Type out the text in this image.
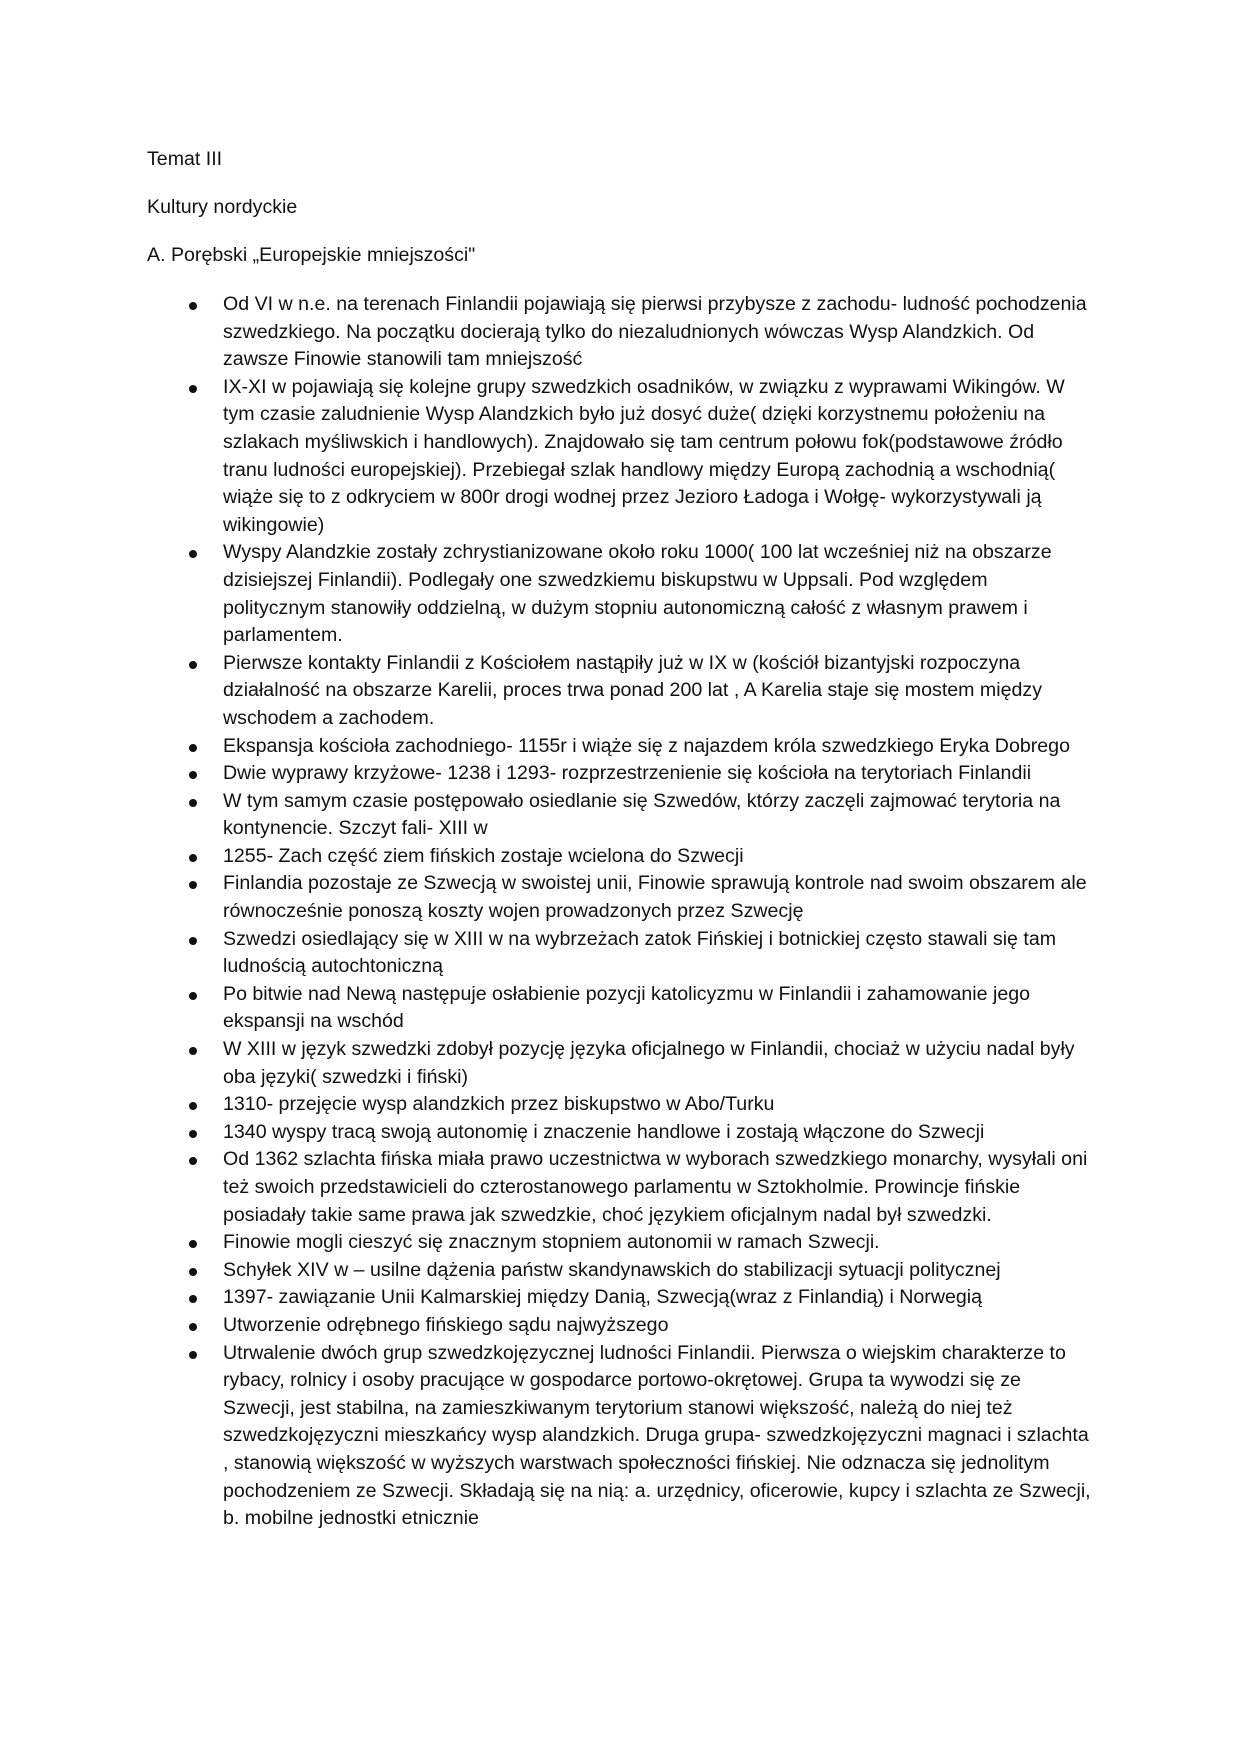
Temat III

Kultury nordyckie

A. Porębski „Europejskie mniejszości"

Od VI w n.e. na terenach Finlandii pojawiają się pierwsi przybysze z zachodu- ludność pochodzenia szwedzkiego. Na początku docierają tylko do niezaludnionych wówczas Wysp Alandzkich. Od zawsze Finowie stanowili tam mniejszość
IX-XI w pojawiają się kolejne grupy szwedzkich osadników, w związku z wyprawami Wikingów. W tym czasie zaludnienie Wysp Alandzkich było już dosyć duże( dzięki korzystnemu położeniu na szlakach myśliwskich i handlowych). Znajdowało się tam centrum połowu fok(podstawowe źródło tranu ludności europejskiej). Przebiegał szlak handlowy między Europą zachodnią a wschodnią( wiąże się to z odkryciem w 800r drogi wodnej przez Jezioro Ładoga i Wołgę- wykorzystywali ją wikingowie)
Wyspy Alandzkie zostały zchrystianizowane około roku 1000( 100 lat wcześniej niż na obszarze dzisiejszej Finlandii). Podlegały one szwedzkiemu biskupstwu w Uppsali. Pod względem politycznym stanowiły oddzielną, w dużym stopniu autonomiczną całość z własnym prawem i parlamentem.
Pierwsze kontakty Finlandii z Kościołem nastąpiły już w IX w (kościół bizantyjski rozpoczyna działalność na obszarze Karelii, proces trwa ponad 200 lat , A Karelia staje się mostem między wschodem a zachodem.
Ekspansja kościoła zachodniego- 1155r i wiąże się z najazdem króla szwedzkiego Eryka Dobrego
Dwie wyprawy krzyżowe- 1238 i 1293- rozprzestrzenienie się kościoła na terytoriach Finlandii
W tym samym czasie postępowało osiedlanie się Szwedów, którzy zaczęli zajmować terytoria na kontynencie. Szczyt fali- XIII w
1255- Zach część ziem fińskich zostaje wcielona do Szwecji
Finlandia pozostaje ze Szwecją w swoistej unii, Finowie sprawują kontrole nad swoim obszarem ale równocześnie ponoszą koszty wojen prowadzonych przez Szwecję
Szwedzi osiedlający się w XIII w na wybrzeżach zatok Fińskiej i botnickiej często stawali się tam ludnością autochtoniczną
Po bitwie nad Newą następuje osłabienie pozycji katolicyzmu w Finlandii i zahamowanie jego ekspansji na wschód
W XIII w język szwedzki zdobył pozycję języka oficjalnego w Finlandii, chociaż w użyciu nadal były oba języki( szwedzki i fiński)
1310- przejęcie wysp alandzkich przez biskupstwo w Abo/Turku
1340 wyspy tracą swoją autonomię i znaczenie handlowe i zostają włączone do Szwecji
Od 1362 szlachta fińska miała prawo uczestnictwa w wyborach szwedzkiego monarchy, wysyłali oni też swoich przedstawicieli do czterostanowego parlamentu w Sztokholmie. Prowincje fińskie posiadały takie same prawa jak szwedzkie, choć językiem oficjalnym nadal był szwedzki.
Finowie mogli cieszyć się znacznym stopniem autonomii w ramach Szwecji.
Schyłek XIV w – usilne dążenia państw skandynawskich do stabilizacji sytuacji politycznej
1397- zawiązanie Unii Kalmarskiej między Danią, Szwecją(wraz z Finlandią) i Norwegią
Utworzenie odrębnego fińskiego sądu najwyższego
Utrwalenie dwóch grup szwedzkojęzycznej ludności Finlandii. Pierwsza o wiejskim charakterze to rybacy, rolnicy i osoby pracujące w gospodarce portowo-okrętowej. Grupa ta wywodzi się ze Szwecji, jest stabilna, na zamieszkiwanym terytorium stanowi większość, należą do niej też szwedzkojęzyczni mieszkańcy wysp alandzkich. Druga grupa- szwedzkojęzyczni magnaci i szlachta , stanowią większość w wyższych warstwach społeczności fińskiej. Nie odznacza się jednolitym pochodzeniem ze Szwecji. Składają się na nią: a. urzędnicy, oficerowie, kupcy i szlachta ze Szwecji, b. mobilne jednostki etnicznie
